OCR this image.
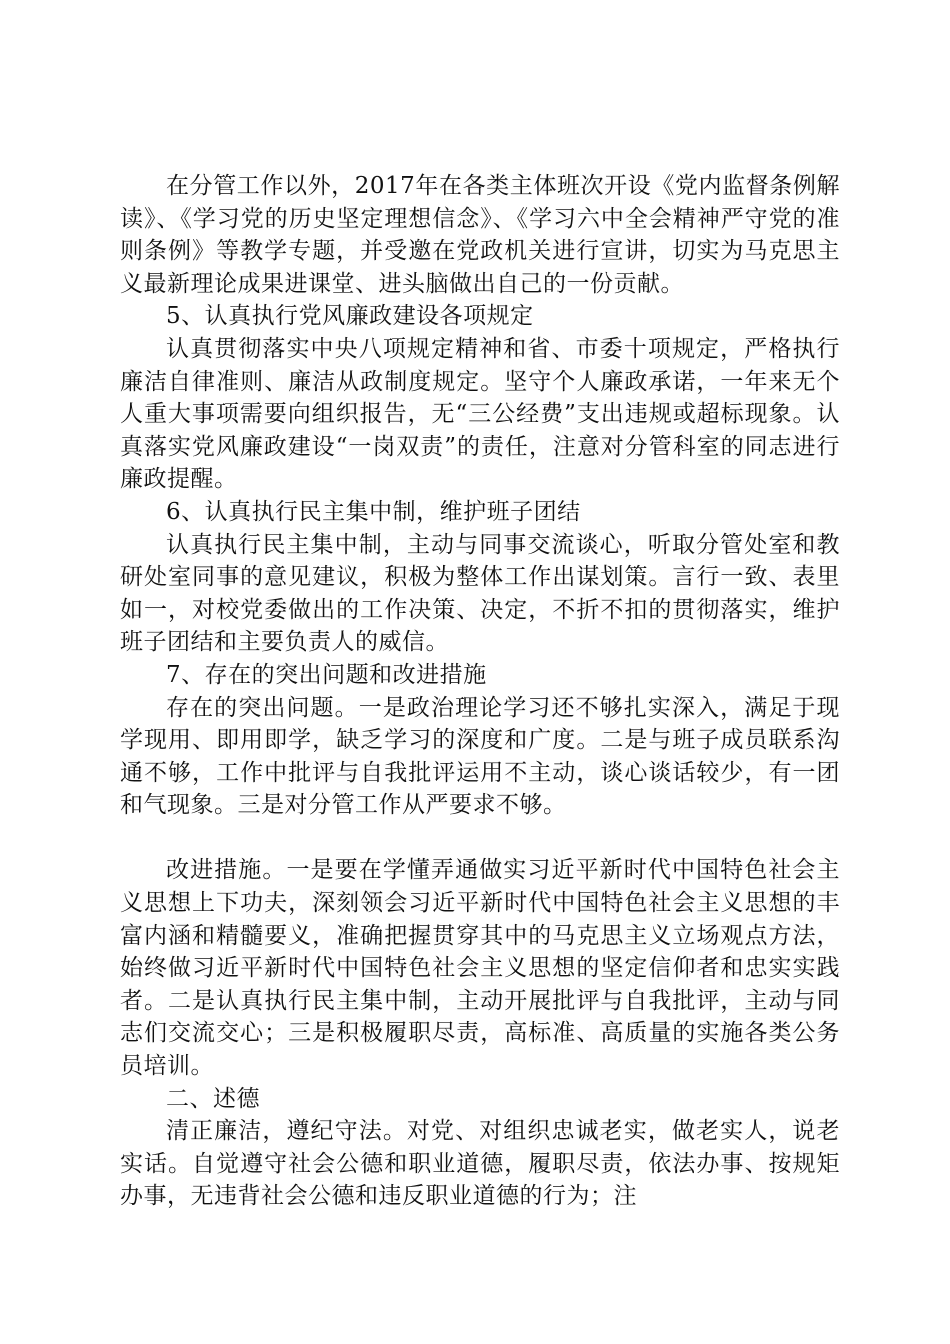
在分管工作以外，2017年在各类主体班次开设《党内监督条例解读》、《学习党的历史坚定理想信念》、《学习六中全会精神严守党的准则条例》等教学专题，并受邀在党政机关进行宣讲，切实为马克思主义最新理论成果进课堂、进头脑做出自己的一份贡献。

5、认真执行党风廉政建设各项规定

认真贯彻落实中央八项规定精神和省、市委十项规定，严格执行廉洁自律准则、廉洁从政制度规定。坚守个人廉政承诺，一年来无个人重大事项需要向组织报告，无“三公经费”支出违规或超标现象。认真落实党风廉政建设“一岗双责”的责任，注意对分管科室的同志进行廉政提醒。

6、认真执行民主集中制，维护班子团结

认真执行民主集中制，主动与同事交流谈心，听取分管处室和教研处室同事的意见建议，积极为整体工作出谋划策。言行一致、表里如一，对校党委做出的工作决策、决定，不折不扣的贯彻落实，维护班子团结和主要负责人的威信。

7、存在的突出问题和改进措施

存在的突出问题。一是政治理论学习还不够扎实深入，满足于现学现用、即用即学，缺乏学习的深度和广度。二是与班子成员联系沟通不够，工作中批评与自我批评运用不主动，谈心谈话较少，有一团和气现象。三是对分管工作从严要求不够。

改进措施。一是要在学懂弄通做实习近平新时代中国特色社会主义思想上下功夫，深刻领会习近平新时代中国特色社会主义思想的丰富内涵和精髓要义，准确把握贯穿其中的马克思主义立场观点方法，始终做习近平新时代中国特色社会主义思想的坚定信仰者和忠实实践者。二是认真执行民主集中制，主动开展批评与自我批评，主动与同志们交流交心；三是积极履职尽责，高标准、高质量的实施各类公务员培训。

二、述德

清正廉洁，遵纪守法。对党、对组织忠诚老实，做老实人，说老实话。自觉遵守社会公德和职业道德，履职尽责，依法办事、按规矩办事，无违背社会公德和违反职业道德的行为；注
